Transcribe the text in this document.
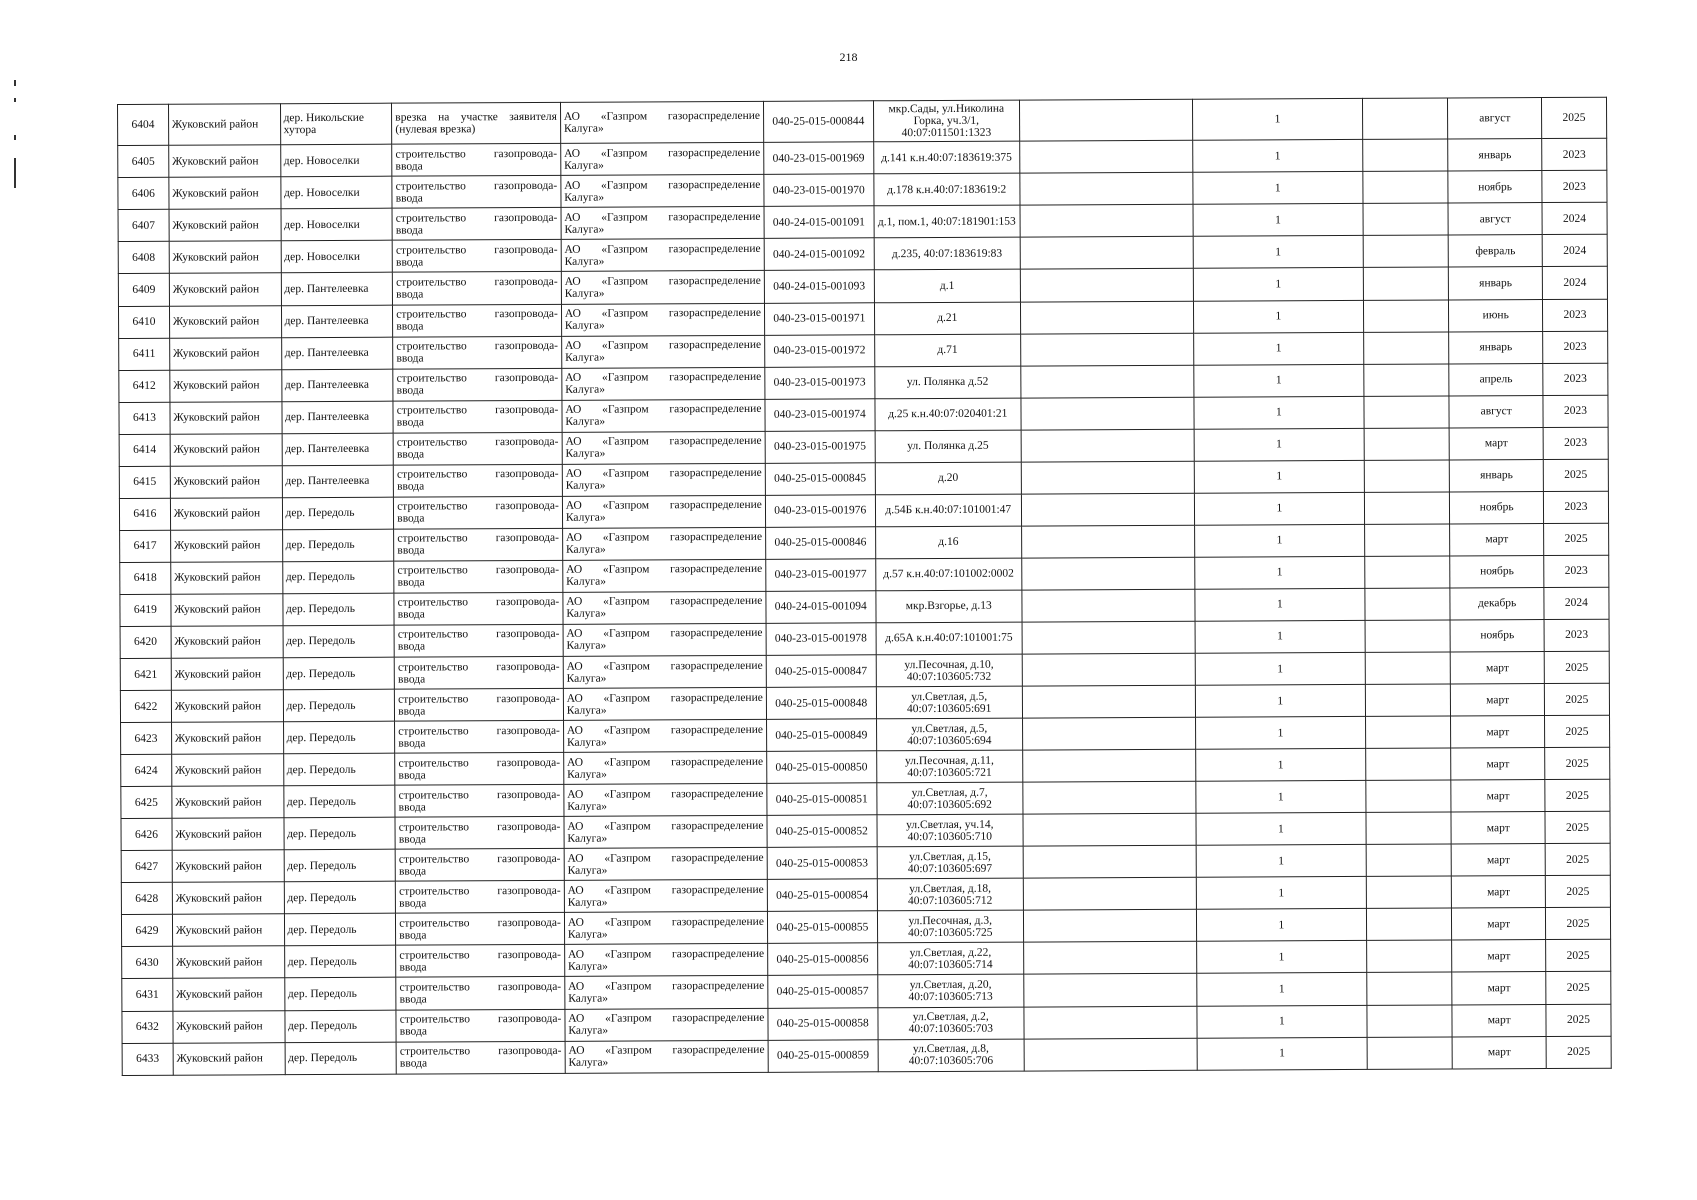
218
6404	Жуковский район	дер. Никольские хутора	врезка на участке заявителя
(нулевая врезка)	АО «Газпром газораспределение
Калуга»	040-25-015-000844	мкр.Сады, ул.Николина Горка, уч.3/1, 40:07:011501:1323		1		август	2025
6405	Жуковский район	дер. Новоселки	строительство газопровода-
ввода	АО «Газпром газораспределение
Калуга»	040-23-015-001969	д.141 к.н.40:07:183619:375		1		январь	2023
6406	Жуковский район	дер. Новоселки	строительство газопровода-
ввода	АО «Газпром газораспределение
Калуга»	040-23-015-001970	д.178 к.н.40:07:183619:2		1		ноябрь	2023
6407	Жуковский район	дер. Новоселки	строительство газопровода-
ввода	АО «Газпром газораспределение
Калуга»	040-24-015-001091	д.1, пом.1, 40:07:181901:153		1		август	2024
6408	Жуковский район	дер. Новоселки	строительство газопровода-
ввода	АО «Газпром газораспределение
Калуга»	040-24-015-001092	д.235, 40:07:183619:83		1		февраль	2024
6409	Жуковский район	дер. Пантелеевка	строительство газопровода-
ввода	АО «Газпром газораспределение
Калуга»	040-24-015-001093	д.1		1		январь	2024
6410	Жуковский район	дер. Пантелеевка	строительство газопровода-
ввода	АО «Газпром газораспределение
Калуга»	040-23-015-001971	д.21		1		июнь	2023
6411	Жуковский район	дер. Пантелеевка	строительство газопровода-
ввода	АО «Газпром газораспределение
Калуга»	040-23-015-001972	д.71		1		январь	2023
6412	Жуковский район	дер. Пантелеевка	строительство газопровода-
ввода	АО «Газпром газораспределение
Калуга»	040-23-015-001973	ул. Полянка д.52		1		апрель	2023
6413	Жуковский район	дер. Пантелеевка	строительство газопровода-
ввода	АО «Газпром газораспределение
Калуга»	040-23-015-001974	д.25 к.н.40:07:020401:21		1		август	2023
6414	Жуковский район	дер. Пантелеевка	строительство газопровода-
ввода	АО «Газпром газораспределение
Калуга»	040-23-015-001975	ул. Полянка д.25		1		март	2023
6415	Жуковский район	дер. Пантелеевка	строительство газопровода-
ввода	АО «Газпром газораспределение
Калуга»	040-25-015-000845	д.20		1		январь	2025
6416	Жуковский район	дер. Передоль	строительство газопровода-
ввода	АО «Газпром газораспределение
Калуга»	040-23-015-001976	д.54Б к.н.40:07:101001:47		1		ноябрь	2023
6417	Жуковский район	дер. Передоль	строительство газопровода-
ввода	АО «Газпром газораспределение
Калуга»	040-25-015-000846	д.16		1		март	2025
6418	Жуковский район	дер. Передоль	строительство газопровода-
ввода	АО «Газпром газораспределение
Калуга»	040-23-015-001977	д.57 к.н.40:07:101002:0002		1		ноябрь	2023
6419	Жуковский район	дер. Передоль	строительство газопровода-
ввода	АО «Газпром газораспределение
Калуга»	040-24-015-001094	мкр.Взгорье, д.13		1		декабрь	2024
6420	Жуковский район	дер. Передоль	строительство газопровода-
ввода	АО «Газпром газораспределение
Калуга»	040-23-015-001978	д.65А к.н.40:07:101001:75		1		ноябрь	2023
6421	Жуковский район	дер. Передоль	строительство газопровода-
ввода	АО «Газпром газораспределение
Калуга»	040-25-015-000847	ул.Песочная, д.10, 40:07:103605:732		1		март	2025
6422	Жуковский район	дер. Передоль	строительство газопровода-
ввода	АО «Газпром газораспределение
Калуга»	040-25-015-000848	ул.Светлая, д.5, 40:07:103605:691		1		март	2025
6423	Жуковский район	дер. Передоль	строительство газопровода-
ввода	АО «Газпром газораспределение
Калуга»	040-25-015-000849	ул.Светлая, д.5, 40:07:103605:694		1		март	2025
6424	Жуковский район	дер. Передоль	строительство газопровода-
ввода	АО «Газпром газораспределение
Калуга»	040-25-015-000850	ул.Песочная, д.11, 40:07:103605:721		1		март	2025
6425	Жуковский район	дер. Передоль	строительство газопровода-
ввода	АО «Газпром газораспределение
Калуга»	040-25-015-000851	ул.Светлая, д.7, 40:07:103605:692		1		март	2025
6426	Жуковский район	дер. Передоль	строительство газопровода-
ввода	АО «Газпром газораспределение
Калуга»	040-25-015-000852	ул.Светлая, уч.14, 40:07:103605:710		1		март	2025
6427	Жуковский район	дер. Передоль	строительство газопровода-
ввода	АО «Газпром газораспределение
Калуга»	040-25-015-000853	ул.Светлая, д.15, 40:07:103605:697		1		март	2025
6428	Жуковский район	дер. Передоль	строительство газопровода-
ввода	АО «Газпром газораспределение
Калуга»	040-25-015-000854	ул.Светлая, д.18, 40:07:103605:712		1		март	2025
6429	Жуковский район	дер. Передоль	строительство газопровода-
ввода	АО «Газпром газораспределение
Калуга»	040-25-015-000855	ул.Песочная, д.3, 40:07:103605:725		1		март	2025
6430	Жуковский район	дер. Передоль	строительство газопровода-
ввода	АО «Газпром газораспределение
Калуга»	040-25-015-000856	ул.Светлая, д.22, 40:07:103605:714		1		март	2025
6431	Жуковский район	дер. Передоль	строительство газопровода-
ввода	АО «Газпром газораспределение
Калуга»	040-25-015-000857	ул.Светлая, д.20, 40:07:103605:713		1		март	2025
6432	Жуковский район	дер. Передоль	строительство газопровода-
ввода	АО «Газпром газораспределение
Калуга»	040-25-015-000858	ул.Светлая, д.2, 40:07:103605:703		1		март	2025
6433	Жуковский район	дер. Передоль	строительство газопровода-
ввода	АО «Газпром газораспределение
Калуга»	040-25-015-000859	ул.Светлая, д.8, 40:07:103605:706		1		март	2025
